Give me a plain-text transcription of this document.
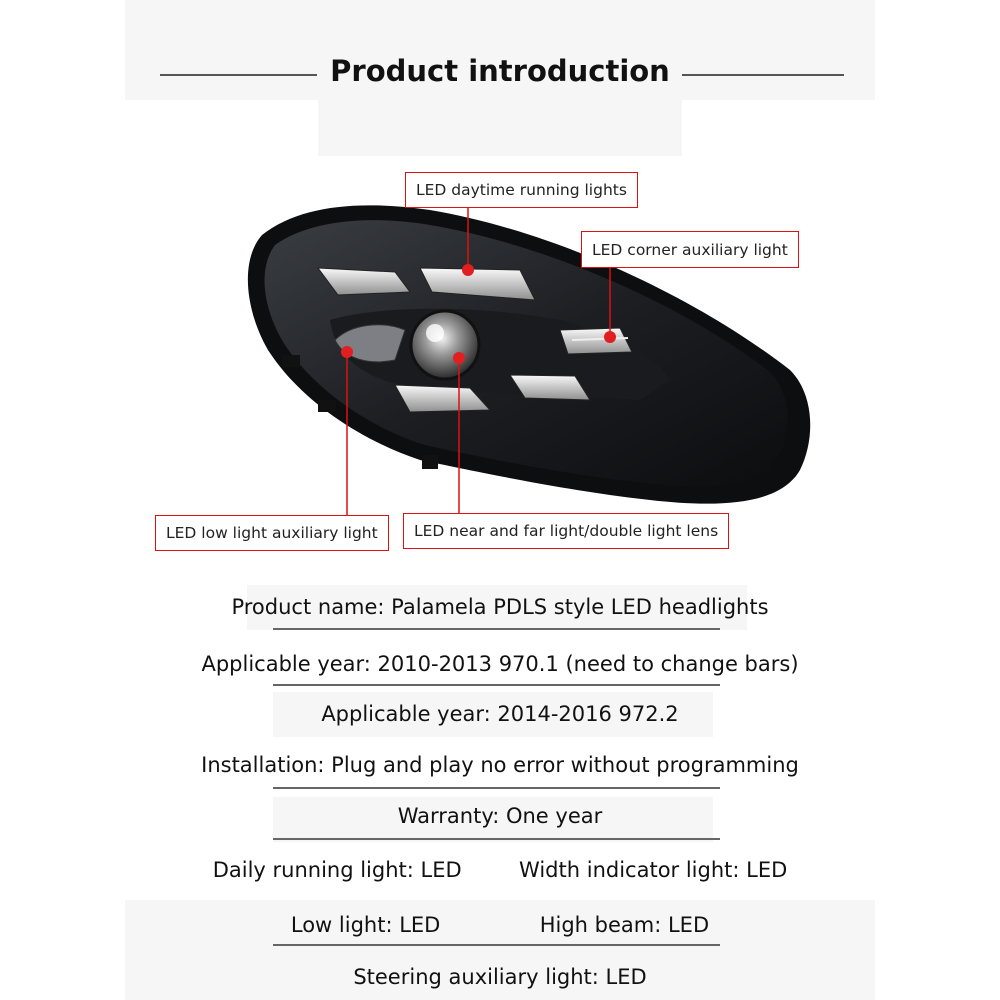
Product introduction
LED daytime running lights
LED corner auxiliary light
LED low light auxiliary light	LED near and far light/double light lens
Product name: Palamela PDLS style LED headlights
Applicable year: 2010-2013 970.1 (need to change bars)
Applicable year: 2014-2016 972.2
Installation: Plug and play no error without programming
Warranty: One year
Daily running light: LED	Width indicator light: LED
Low light: LED	High beam: LED
Steering auxiliary light: LED
